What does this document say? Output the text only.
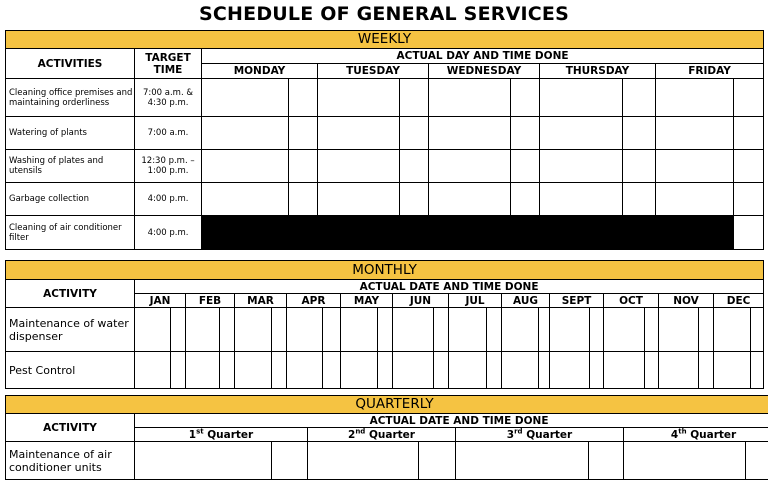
SCHEDULE OF GENERAL SERVICES
WEEKLY											
ACTIVITIES	TARGET TIME	ACTUAL DAY AND TIME DONE									
		MONDAY		TUESDAY		WEDNESDAY		THURSDAY		FRIDAY	
Cleaning office premises and maintaining orderliness	7:00 a.m. & 4:30 p.m.										
Watering of plants	7:00 a.m.										
Washing of plates and utensils	12:30 p.m. – 1:00 p.m.										
Garbage collection	4:00 p.m.										
Cleaning of air conditioner filter	4:00 p.m.										
MONTHLY																								
ACTIVITY	ACTUAL DATE AND TIME DONE																							
	JAN		FEB		MAR		APR		MAY		JUN		JUL		AUG		SEPT		OCT		NOV		DEC	
Maintenance of water dispenser																								
Pest Control																								
QUARTERLY								
ACTIVITY	ACTUAL DATE AND TIME DONE							
	1st Quarter		2nd Quarter		3rd Quarter		4th Quarter	
Maintenance of air conditioner units								
